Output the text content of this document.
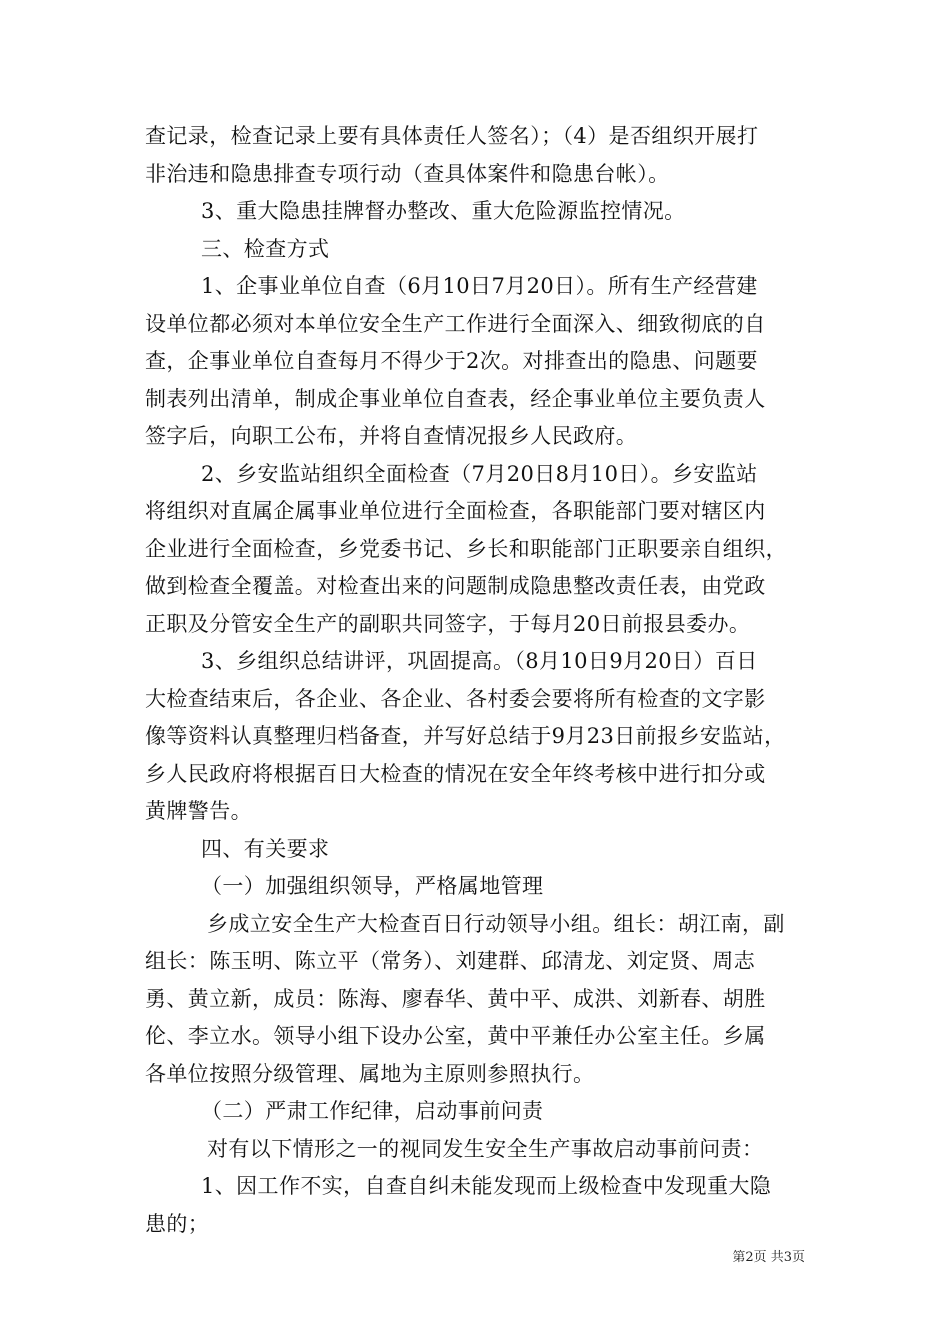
查记录，检查记录上要有具体责任人签名）；（4）是否组织开展打
非治违和隐患排查专项行动（查具体案件和隐患台帐）。
3、重大隐患挂牌督办整改、重大危险源监控情况。
三、检查方式
1、企事业单位自查（6月10日7月20日）。所有生产经营建
设单位都必须对本单位安全生产工作进行全面深入、细致彻底的自
查，企事业单位自查每月不得少于2次。对排查出的隐患、问题要
制表列出清单，制成企事业单位自查表，经企事业单位主要负责人
签字后，向职工公布，并将自查情况报乡人民政府。
2、乡安监站组织全面检查（7月20日8月10日）。乡安监站
将组织对直属企属事业单位进行全面检查，各职能部门要对辖区内
企业进行全面检查，乡党委书记、乡长和职能部门正职要亲自组织，
做到检查全覆盖。对检查出来的问题制成隐患整改责任表，由党政
正职及分管安全生产的副职共同签字，于每月20日前报县委办。
3、乡组织总结讲评，巩固提高。（8月10日9月20日）百日
大检查结束后，各企业、各企业、各村委会要将所有检查的文字影
像等资料认真整理归档备查，并写好总结于9月23日前报乡安监站，
乡人民政府将根据百日大检查的情况在安全年终考核中进行扣分或
黄牌警告。
四、有关要求
（一）加强组织领导，严格属地管理
乡成立安全生产大检查百日行动领导小组。组长：胡江南，副
组长：陈玉明、陈立平（常务）、刘建群、邱清龙、刘定贤、周志
勇、黄立新，成员：陈海、廖春华、黄中平、成洪、刘新春、胡胜
伦、李立水。领导小组下设办公室，黄中平兼任办公室主任。乡属
各单位按照分级管理、属地为主原则参照执行。
（二）严肃工作纪律，启动事前问责
对有以下情形之一的视同发生安全生产事故启动事前问责：
1、因工作不实，自查自纠未能发现而上级检查中发现重大隐
患的；
第2页 共3页
